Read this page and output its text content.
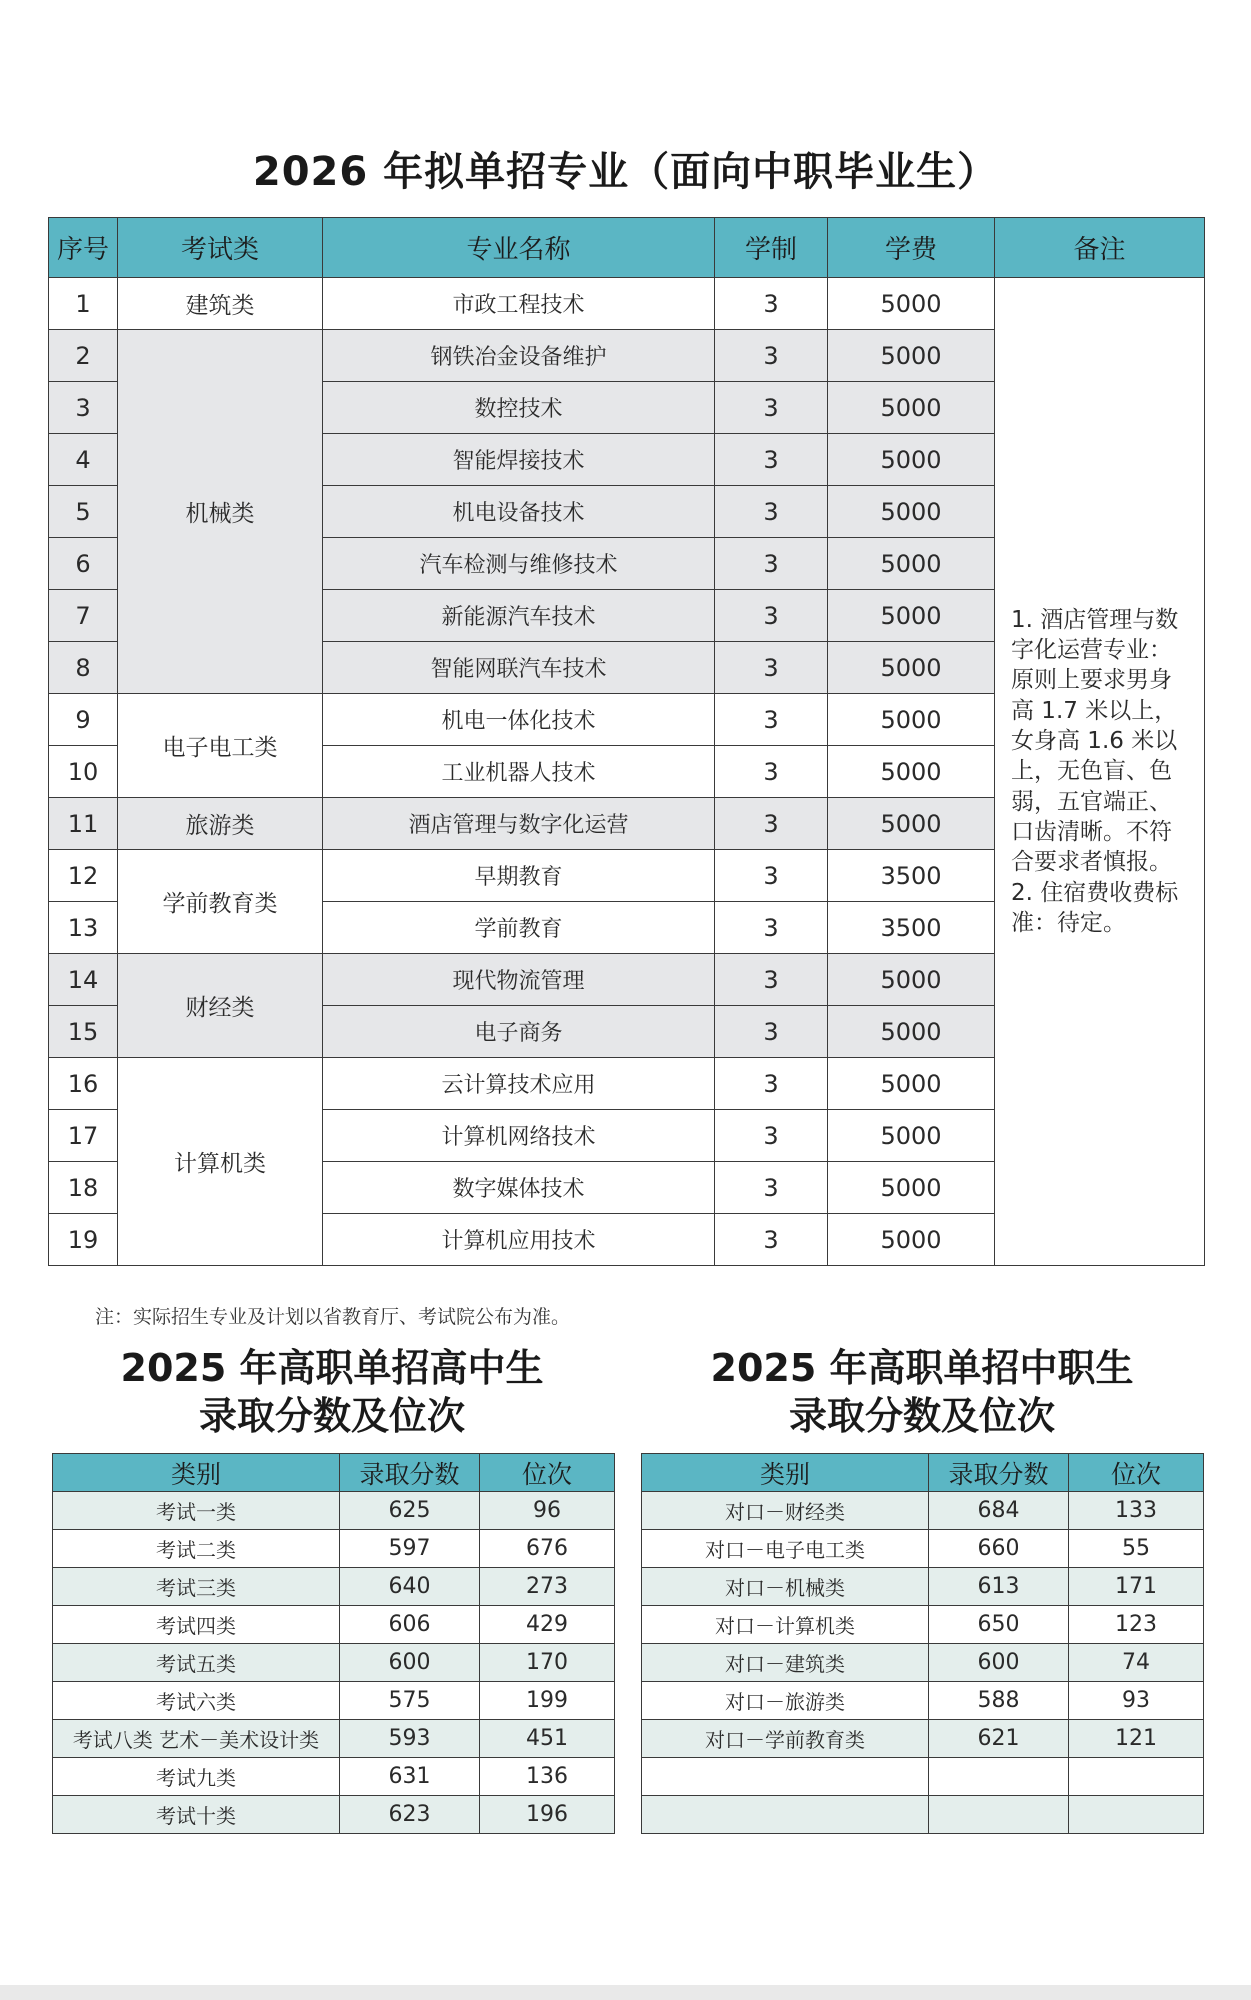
2026 年拟单招专业（面向中职毕业生）
序号	考试类	专业名称	学制	学费	备注
1	建筑类	市政工程技术	3	5000	1. 酒店管理与数字化运营专业：原则上要求男身高 1.7 米以上，女身高 1.6 米以上，无色盲、色弱，五官端正、口齿清晰。不符合要求者慎报。

2. 住宿费收费标准：待定。

2	机械类	钢铁冶金设备维护	3	5000	
3		数控技术	3	5000	
4		智能焊接技术	3	5000	
5		机电设备技术	3	5000	
6		汽车检测与维修技术	3	5000	
7		新能源汽车技术	3	5000	
8		智能网联汽车技术	3	5000	
9	电子电工类	机电一体化技术	3	5000	
10		工业机器人技术	3	5000	
11	旅游类	酒店管理与数字化运营	3	5000	
12	学前教育类	早期教育	3	3500	
13		学前教育	3	3500	
14	财经类	现代物流管理	3	5000	
15		电子商务	3	5000	
16	计算机类	云计算技术应用	3	5000	
17		计算机网络技术	3	5000	
18		数字媒体技术	3	5000	
19		计算机应用技术	3	5000	

注：实际招生专业及计划以省教育厅、考试院公布为准。

2025 年高职单招高中生
录取分数及位次
2025 年高职单招中职生
录取分数及位次
类别	录取分数	位次
考试一类	625	96
考试二类	597	676
考试三类	640	273
考试四类	606	429
考试五类	600	170
考试六类	575	199
考试八类 艺术－美术设计类	593	451
考试九类	631	136
考试十类	623	196
类别	录取分数	位次
对口－财经类	684	133
对口－电子电工类	660	55
对口－机械类	613	171
对口－计算机类	650	123
对口－建筑类	600	74
对口－旅游类	588	93
对口－学前教育类	621	121
